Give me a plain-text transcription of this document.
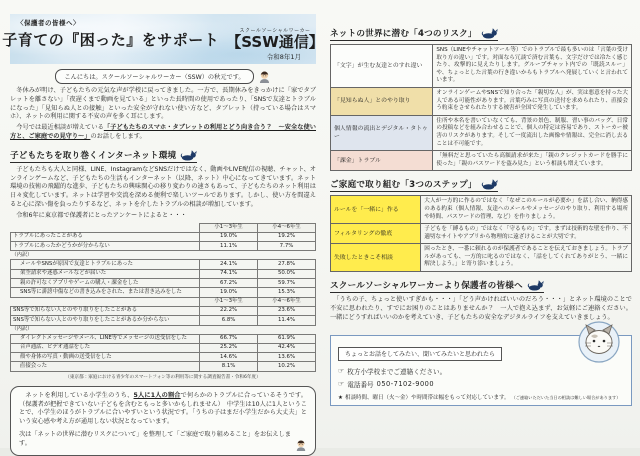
〈保護者の皆様へ〉
子育ての『困った』をサポート	スクールソーシャルワーカー
【SSW通信】
令和8年1月
こんにちは。スクールソーシャルワーカー（SSW）の秋元です。

　冬休みが明け、子どもたちの元気な声が学校に戻ってきました。一方で、長期休みをきっかけに「家でタブレットを離さない」「夜遅くまで動画を見ている」といった長時間の使用であったり、「SNSで友達とトラブルになった」「見知らぬ人との接触」といった安全が守れない使い方など、タブレット（持っている場合はスマホ）、ネットの利用に関する不安の声を多く耳にします。

　今号では最近相談が増えている「子どもたちのスマホ・タブレットの利用とどう向き合う？　～安全な使い方と、ご家庭での見守り～」のお話しをします。

子どもたちを取り巻くインターネット環境

　子どもたちも大人と同様、LINE、InstagramなどSNSだけではなく、動画やLIVE配信の視聴、チャット、オンラインゲームなど、子どもたちの生活もインターネット（以降、ネット）中心になってきています。ネット環境の技術の飛躍的な進歩、子どもたちの興味関心の移り変わりの速さもあって、子どもたちのネット利用は日々変化しています。ネットは学習や交流を深める便利で楽しいツールであります。しかし、使い方を間違えると心に深い傷を負ったりするなど、ネットを介したトラブルの相談が増加しています。

　令和6年に東京都で保護者にとったアンケートによると・・・

	小1～3年生	小4～6年生
トラブルにあったことがある	19.0%	19.2%
トラブルにあったかどうかが分からない	11.1%	7.7%
（内訳）		
メールやSNSが原因で友達とトラブルにあった	24.1%	27.8%
架空請求や迷惑メールなどが届いた	74.1%	50.0%
親の許可なくアプリやゲームの購入・課金をした	67.2%	59.7%
SNS等に誹謗中傷などの書き込みをされた、または書き込みをした	19.0%	15.3%
	小1～3年生	小4～6年生
SNS等で知らない人とのやり取りをしたことがある	22.2%	23.6%
SNS等で知らない人とのやり取りをしたことがあるか分からない	6.8%	11.4%
（内訳）		
ダイレクトメッセージやメール、LINE等でメッセージの送受信をした	66.7%	61.9%
音声通話、ビデオ通話をした	25.2%	42.4%
顔や身体の写真・動画の送受信をした	14.6%	13.6%
直接会った	8.1%	10.2%
（東京都：家庭における青少年のスマートフォン等の利用等に関する調査報告書・令和6年度）

　ネットを利用している小学生のうち、5人に1人の割合で何らかのトラブルに合っているそうです。（保護者が把握できていない子どもを含むともっと多いかもしれません）　中学生は10人に1人ということで、小学生のほうがトラブルに合いやすいという状況です。「うちの子はまだ小学生だから大丈夫」という安心感や考え方が通用しない状況となっています。

次は「ネットの世界に潜むリスクについて」を整理して「ご家庭で取り組めること」をお伝えします。

ネットの世界に潜む「4つのリスク」
「文字」が生む友達とのすれ違い	SNS（LINEやチャットツール等）でのトラブルで最も多いのは「言葉の受け取り方の違い」です。対面なら冗談で済む言葉も、文字だけでは冷たく感じたり、攻撃的に見えたりします。グループチャット内での「既読スルー」や、ちょっとした言葉の行き違いからもトラブルへ発展していくと言われています。
「見知らぬ人」とのやり取り	オンラインゲームやSNSで知り合った「親切な人」が、実は悪意を持った大人である可能性があります。言葉巧みに写真の送付を求められたり、直接会う約束をさせられたりする被害が全国で発生しています。
個人情報の流出とデジタル・タトゥー	住所や本名を書いていなくても、背景の景色、制服、習い事のバッグ、日常の投稿などを組み合わせることで、個人の特定は容易であり、ストーカー被害のリスクがあります。そして一度流出した画像や情報は、完全に消し去ることは不可能です。
「課金」トラブル	「無料だと思っていたら高額請求が来た」「親のクレジットカードを勝手に使った」「親のパスワードを盗み見た」という相談も増えています。
ご家庭で取り組む「3つのステップ」
ルールを「一緒に」作る	大人が一方的に作るのではなく「なぜこのルールが必要か」を話し合い、納得感のある約束（個人情報、友達へのメールやメッセージのやり取り、利用する場所や時間、パスワードの管理、など）を作りましょう。
フィルタリングの徹底	子どもを「縛るもの」ではなく「守るもの」です。まずは技術的な壁を作り、不適切なサイトやアプリから物理的に遠ざけることが大切です。
失敗したときこそ相談	困ったとき、一番に頼れるのが保護者であることを伝えておきましょう。トラブルがあっても、一方的に叱るのではなく、「話をしてくれてありがとう、一緒に解決しよう。」と寄り添いましょう。
スクールソーシャルワーカーより保護者の皆様へ

　「うちの子、ちょっと使いすぎかも・・・」「どう声かければいいのだろう・・・」とネット環境のことで不安に思われたり、すでにお困りのことはありませんか？　一人で抱え込まず、お気軽にご連絡ください。一緒にどうすればいいのかを考えていき、子どもたちの安全なデジタルライフを支えていきましょう。

ちょっとお話をしてみたい、聞いてみたいと思われたら
☞ 枚方小学校までご連絡ください。
☞ 電話番号 050-7102-9000
★ 相談時間、曜日（火～金）や時間帯は幅をもって対応しています。 （ご連絡いただいた当日の相談は難しい場合があります）
